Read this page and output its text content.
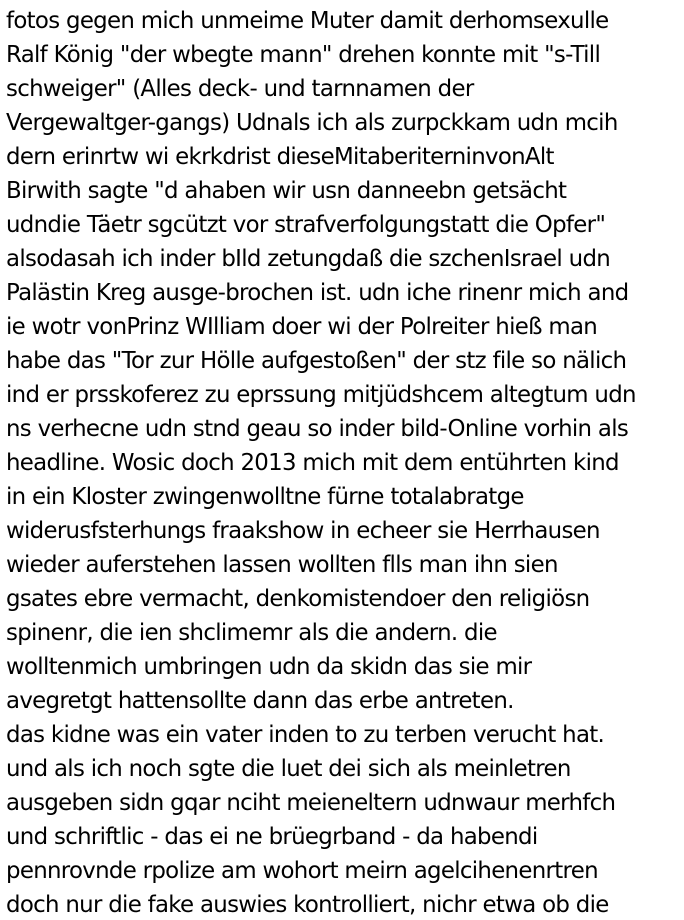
fotos gegen mich unmeime Muter damit derhomsexulle
Ralf König "der wbegte mann" drehen konnte mit "s-Till
schweiger" (Alles deck- und tarnnamen der
Vergewaltger-gangs) Udnals ich als zurpckkam udn mcih
dern erinrtw wi ekrkdrist dieseMitaberiterninvonAlt
Birwith sagte "d ahaben wir usn danneebn getsächt
udndie Täetr sgcützt vor strafverfolgungstatt die Opfer"
alsodasah ich inder bIld zetungdaß die szchenIsrael udn
Palästin Kreg ausge-brochen ist. udn iche rinenr mich and
ie wotr vonPrinz WIlliam doer wi der Polreiter hieß man
habe das "Tor zur Hölle aufgestoßen" der stz file so nälich
ind er prsskoferez zu eprssung mitjüdshcem altegtum udn
ns verhecne udn stnd geau so inder bild-Online vorhin als
headline. Wosic doch 2013 mich mit dem entührten kind
in ein Kloster zwingenwolltne fürne totalabratge
widerusfsterhungs fraakshow in echeer sie Herrhausen
wieder auferstehen lassen wollten flls man ihn sien
gsates ebre vermacht, denkomistendoer den religiösn
spinenr, die ien shclimemr als die andern. die
wolltenmich umbringen udn da skidn das sie mir
avegretgt hattensollte dann das erbe antreten.
das kidne was ein vater inden to zu terben verucht hat.
und als ich noch sgte die luet dei sich als meinletren
ausgeben sidn gqar nciht meieneltern udnwaur merhfch
und schriftlic - das ei ne brüegrband - da habendi
pennrovnde rpolize am wohort meirn agelcihenenrtren
doch nur die fake auswies kontrolliert, nichr etwa ob die
